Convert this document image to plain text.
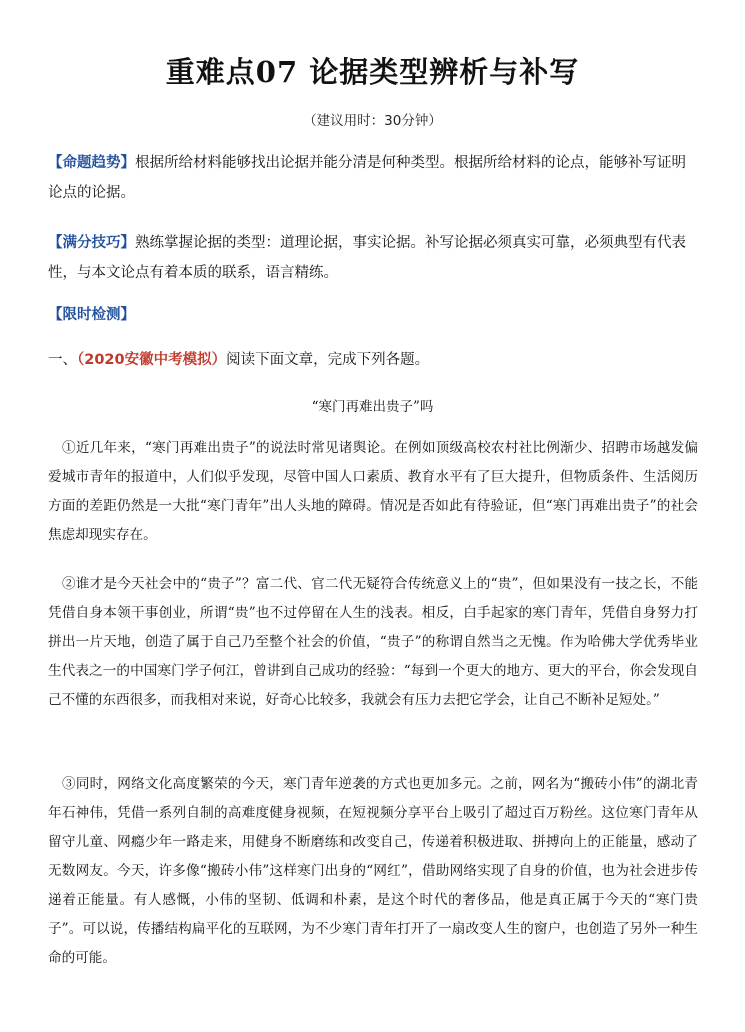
重难点07 论据类型辨析与补写
（建议用时：30分钟）

【命题趋势】根据所给材料能够找出论据并能分清是何种类型。根据所给材料的论点，能够补写证明论点的论据。

【满分技巧】熟练掌握论据的类型：道理论据，事实论据。补写论据必须真实可靠，必须典型有代表性，与本文论点有着本质的联系，语言精练。

【限时检测】

一、（2020安徽中考模拟）阅读下面文章，完成下列各题。

“寒门再难出贵子”吗

①近几年来，“寒门再难出贵子”的说法时常见诸舆论。在例如顶级高校农村社比例渐少、招聘市场越发偏爱城市青年的报道中，人们似乎发现，尽管中国人口素质、教育水平有了巨大提升，但物质条件、生活阅历方面的差距仍然是一大批“寒门青年”出人头地的障碍。情况是否如此有待验证，但“寒门再难出贵子”的社会焦虑却现实存在。

②谁才是今天社会中的“贵子”？富二代、官二代无疑符合传统意义上的“贵”，但如果没有一技之长，不能凭借自身本领干事创业，所谓“贵”也不过停留在人生的浅表。相反，白手起家的寒门青年，凭借自身努力打拼出一片天地，创造了属于自己乃至整个社会的价值，“贵子”的称谓自然当之无愧。作为哈佛大学优秀毕业生代表之一的中国寒门学子何江，曾讲到自己成功的经验：“每到一个更大的地方、更大的平台，你会发现自己不懂的东西很多，而我相对来说，好奇心比较多，我就会有压力去把它学会，让自己不断补足短处。”

③同时，网络文化高度繁荣的今天，寒门青年逆袭的方式也更加多元。之前，网名为“搬砖小伟”的湖北青年石神伟，凭借一系列自制的高难度健身视频，在短视频分享平台上吸引了超过百万粉丝。这位寒门青年从留守儿童、网瘾少年一路走来，用健身不断磨练和改变自己，传递着积极进取、拼搏向上的正能量，感动了无数网友。今天，许多像“搬砖小伟”这样寒门出身的“网红”，借助网络实现了自身的价值，也为社会进步传递着正能量。有人感慨，小伟的坚韧、低调和朴素，是这个时代的奢侈品，他是真正属于今天的“寒门贵子”。可以说，传播结构扁平化的互联网，为不少寒门青年打开了一扇改变人生的窗户，也创造了另外一种生命的可能。
